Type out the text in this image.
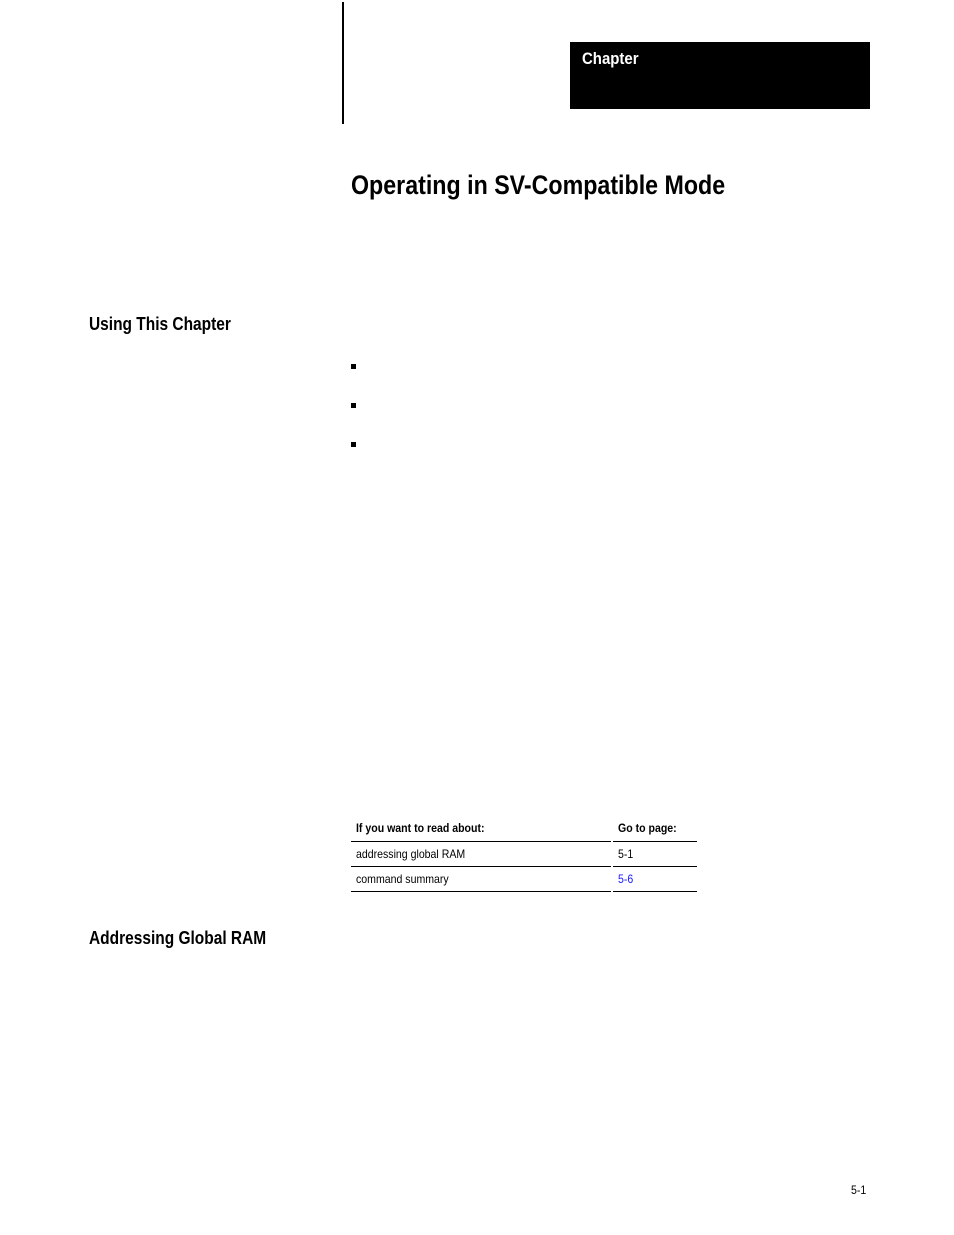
Chapter
Operating in SV-Compatible Mode
Using This Chapter
If you want to read about:	Go to page:
addressing global RAM	5-1
command summary	5-6
Addressing Global RAM
5-1
